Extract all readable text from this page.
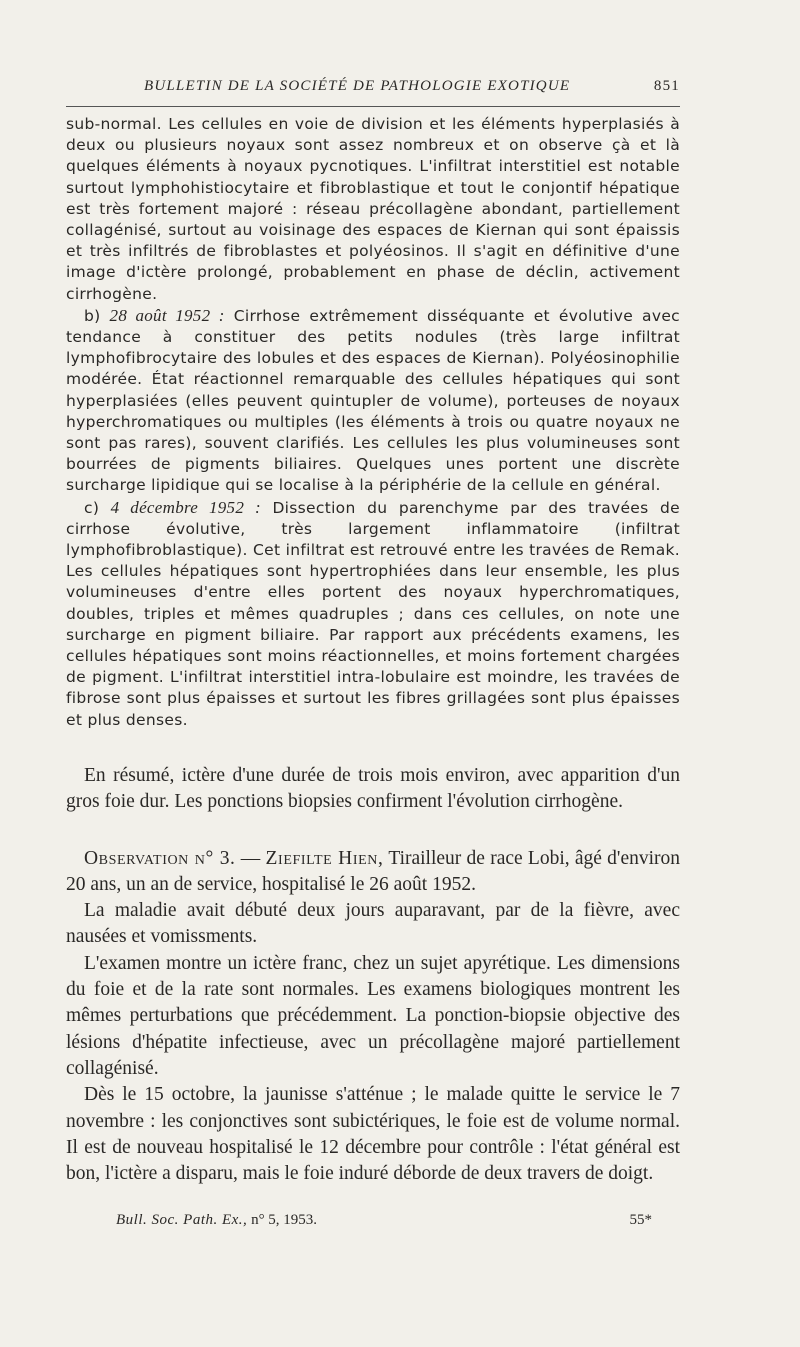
BULLETIN DE LA SOCIÉTÉ DE PATHOLOGIE EXOTIQUE	851

sub-normal. Les cellules en voie de division et les éléments hyperplasiés à deux ou plusieurs noyaux sont assez nombreux et on observe çà et là quelques éléments à noyaux pycnotiques. L'infiltrat interstitiel est notable surtout lymphohistiocytaire et fibroblastique et tout le conjontif hépatique est très fortement majoré : réseau précollagène abondant, partiellement collagénisé, surtout au voisinage des espaces de Kiernan qui sont épaissis et très infiltrés de fibroblastes et polyéosinos. Il s'agit en définitive d'une image d'ictère prolongé, probablement en phase de déclin, activement cirrhogène.

b) 28 août 1952 : Cirrhose extrêmement disséquante et évolutive avec tendance à constituer des petits nodules (très large infiltrat lymphofibrocytaire des lobules et des espaces de Kiernan). Polyéosinophilie modérée. État réactionnel remarquable des cellules hépatiques qui sont hyperplasiées (elles peuvent quintupler de volume), porteuses de noyaux hyperchromatiques ou multiples (les éléments à trois ou quatre noyaux ne sont pas rares), souvent clarifiés. Les cellules les plus volumineuses sont bourrées de pigments biliaires. Quelques unes portent une discrète surcharge lipidique qui se localise à la périphérie de la cellule en général.

c) 4 décembre 1952 : Dissection du parenchyme par des travées de cirrhose évolutive, très largement inflammatoire (infiltrat lymphofibroblastique). Cet infiltrat est retrouvé entre les travées de Remak. Les cellules hépatiques sont hypertrophiées dans leur ensemble, les plus volumineuses d'entre elles portent des noyaux hyperchromatiques, doubles, triples et mêmes quadruples ; dans ces cellules, on note une surcharge en pigment biliaire. Par rapport aux précédents examens, les cellules hépatiques sont moins réactionnelles, et moins fortement chargées de pigment. L'infiltrat interstitiel intra-lobulaire est moindre, les travées de fibrose sont plus épaisses et surtout les fibres grillagées sont plus épaisses et plus denses.

En résumé, ictère d'une durée de trois mois environ, avec apparition d'un gros foie dur. Les ponctions biopsies confirment l'évolution cirrhogène.

Observation n° 3. — Ziefilte Hien, Tirailleur de race Lobi, âgé d'environ 20 ans, un an de service, hospitalisé le 26 août 1952.

La maladie avait débuté deux jours auparavant, par de la fièvre, avec nausées et vomissments.

L'examen montre un ictère franc, chez un sujet apyrétique. Les dimensions du foie et de la rate sont normales. Les examens biologiques montrent les mêmes perturbations que précédemment. La ponction-biopsie objective des lésions d'hépatite infectieuse, avec un précollagène majoré partiellement collagénisé.

Dès le 15 octobre, la jaunisse s'atténue ; le malade quitte le service le 7 novembre : les conjonctives sont subictériques, le foie est de volume normal. Il est de nouveau hospitalisé le 12 décembre pour contrôle : l'état général est bon, l'ictère a disparu, mais le foie induré déborde de deux travers de doigt.

Bull. Soc. Path. Ex., n° 5, 1953.	55*
